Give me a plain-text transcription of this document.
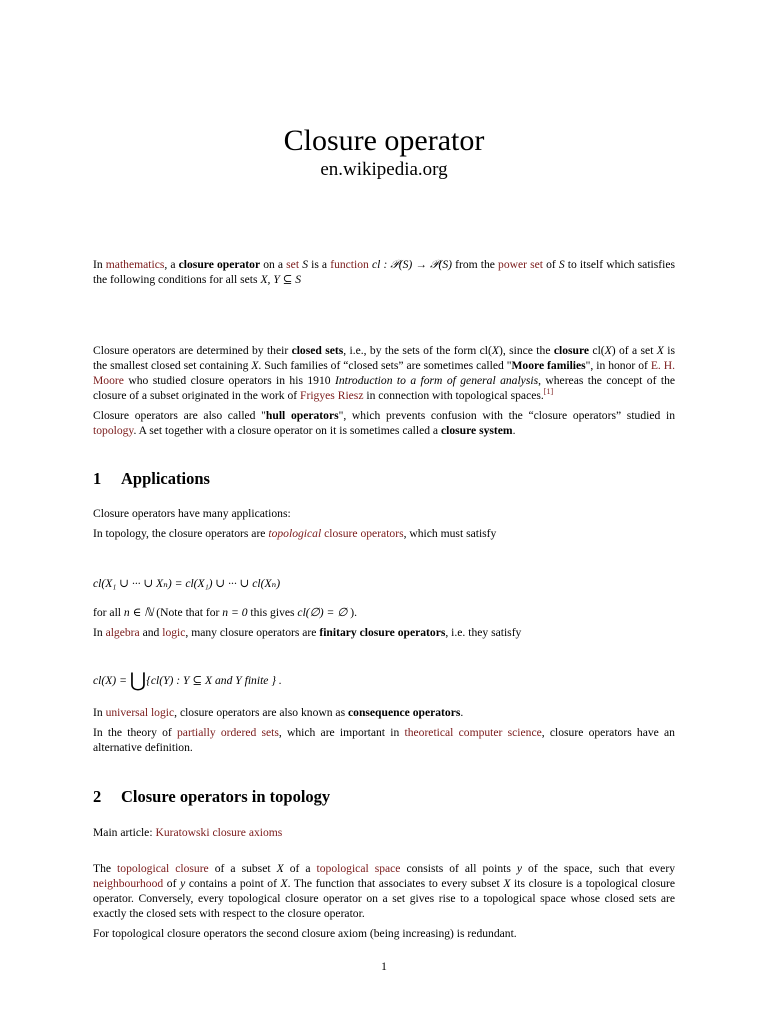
Closure operator
en.wikipedia.org

In mathematics, a closure operator on a set S is a function cl : 𝒫(S) → 𝒫(S) from the power set of S to itself which satisfies the following conditions for all sets X, Y ⊆ S

Closure operators are determined by their closed sets, i.e., by the sets of the form cl(X), since the closure cl(X) of a set X is the smallest closed set containing X. Such families of “closed sets” are sometimes called "Moore families", in honor of E. H. Moore who studied closure operators in his 1910 Introduction to a form of general analysis, whereas the concept of the closure of a subset originated in the work of Frigyes Riesz in connection with topological spaces.[1]

Closure operators are also called "hull operators", which prevents confusion with the “closure operators” studied in topology. A set together with a closure operator on it is sometimes called a closure system.

1 Applications

Closure operators have many applications:

In topology, the closure operators are topological closure operators, which must satisfy

cl(X₁ ∪ ··· ∪ Xₙ) = cl(X₁) ∪ ··· ∪ cl(Xₙ)

for all n ∈ ℕ (Note that for n = 0 this gives cl(∅) = ∅ ).

In algebra and logic, many closure operators are finitary closure operators, i.e. they satisfy

cl(X) = ⋃{cl(Y) : Y ⊆ X and Y finite } .

In universal logic, closure operators are also known as consequence operators.

In the theory of partially ordered sets, which are important in theoretical computer science, closure operators have an alternative definition.

2 Closure operators in topology

Main article: Kuratowski closure axioms

The topological closure of a subset X of a topological space consists of all points y of the space, such that every neighbourhood of y contains a point of X. The function that associates to every subset X its closure is a topological closure operator. Conversely, every topological closure operator on a set gives rise to a topological space whose closed sets are exactly the closed sets with respect to the closure operator.

For topological closure operators the second closure axiom (being increasing) is redundant.

1
